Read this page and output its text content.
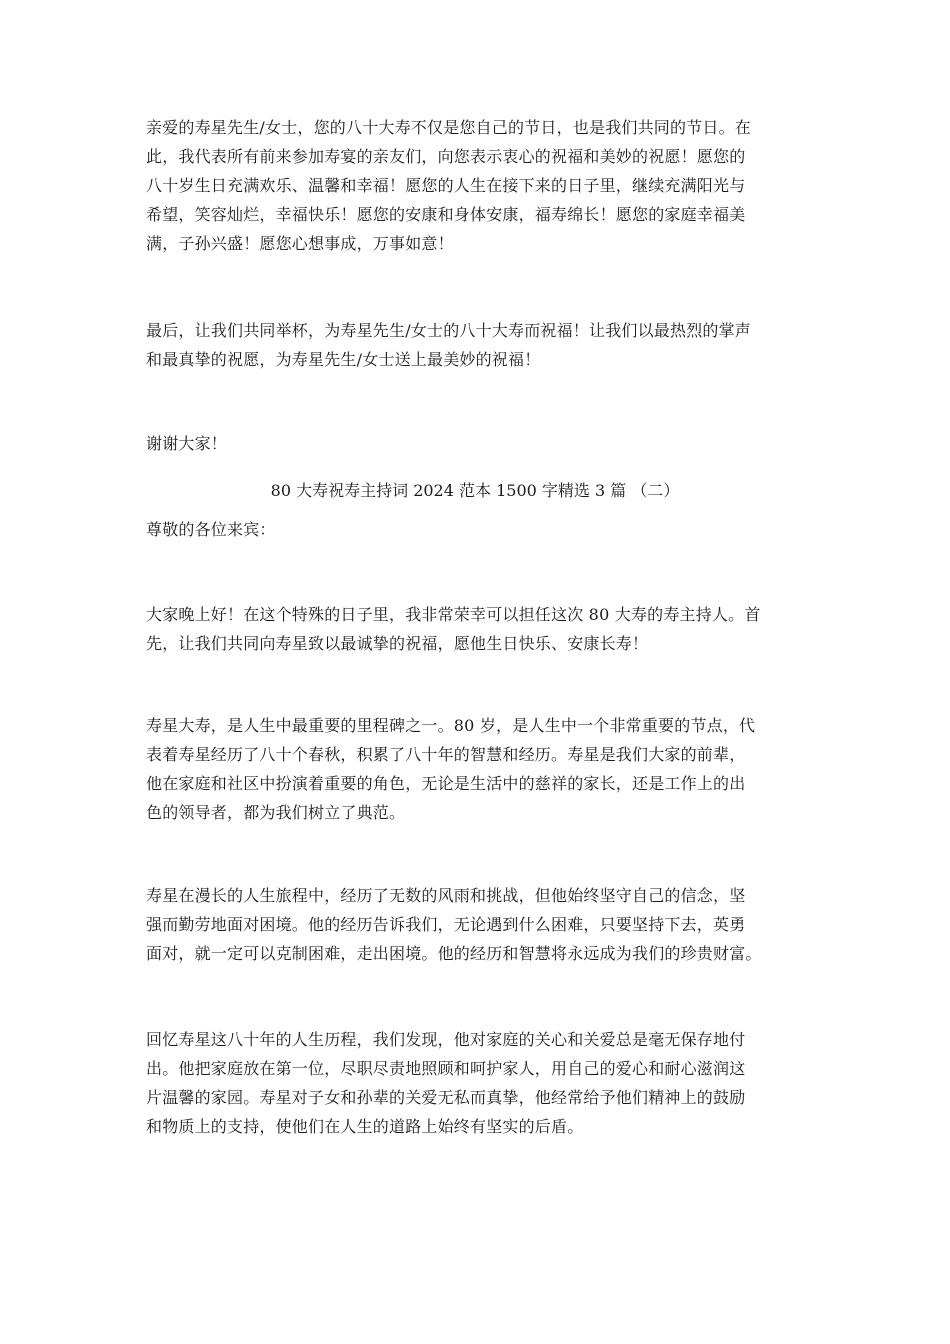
亲爱的寿星先生/女士，您的八十大寿不仅是您自己的节日，也是我们共同的节日。在
此，我代表所有前来参加寿宴的亲友们，向您表示衷心的祝福和美妙的祝愿！愿您的
八十岁生日充满欢乐、温馨和幸福！愿您的人生在接下来的日子里，继续充满阳光与
希望，笑容灿烂，幸福快乐！愿您的安康和身体安康，福寿绵长！愿您的家庭幸福美
满，子孙兴盛！愿您心想事成，万事如意！
最后，让我们共同举杯，为寿星先生/女士的八十大寿而祝福！让我们以最热烈的掌声
和最真挚的祝愿，为寿星先生/女士送上最美妙的祝福！
谢谢大家！
80 大寿祝寿主持词 2024 范本 1500 字精选 3 篇 （二）
尊敬的各位来宾：
大家晚上好！在这个特殊的日子里，我非常荣幸可以担任这次 80 大寿的寿主持人。首
先，让我们共同向寿星致以最诚挚的祝福，愿他生日快乐、安康长寿！
寿星大寿，是人生中最重要的里程碑之一。80 岁，是人生中一个非常重要的节点，代
表着寿星经历了八十个春秋，积累了八十年的智慧和经历。寿星是我们大家的前辈，
他在家庭和社区中扮演着重要的角色，无论是生活中的慈祥的家长，还是工作上的出
色的领导者，都为我们树立了典范。
寿星在漫长的人生旅程中，经历了无数的风雨和挑战，但他始终坚守自己的信念，坚
强而勤劳地面对困境。他的经历告诉我们，无论遇到什么困难，只要坚持下去，英勇
面对，就一定可以克制困难，走出困境。他的经历和智慧将永远成为我们的珍贵财富。
回忆寿星这八十年的人生历程，我们发现，他对家庭的关心和关爱总是毫无保存地付
出。他把家庭放在第一位，尽职尽责地照顾和呵护家人，用自己的爱心和耐心滋润这
片温馨的家园。寿星对子女和孙辈的关爱无私而真挚，他经常给予他们精神上的鼓励
和物质上的支持，使他们在人生的道路上始终有坚实的后盾。
